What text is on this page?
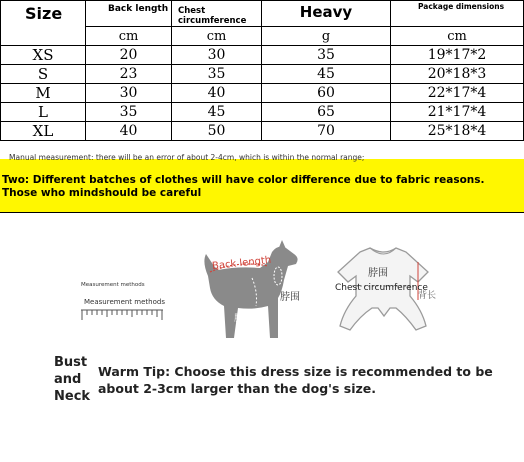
Size	Back length	Chest circumference	Heavy	Package dimensions
	cm	cm	g	cm
XS	20	30	35	19*17*2
S	23	35	45	20*18*3
M	30	40	60	22*17*4
L	35	45	65	21*17*4
XL	40	50	70	25*18*4
Manual measurement: there will be an error of about 2-4cm, which is within the normal range;
Two: Different batches of clothes will have color difference due to fabric reasons.
Those who mindshould be careful
Measurement methods
Measurement methods
Back length
脖围
胸围
脖围
Chest circumference
背长
Bust and Neck
Warm Tip: Choose this dress size is recommended to be about 2-3cm larger than the dog's size.
